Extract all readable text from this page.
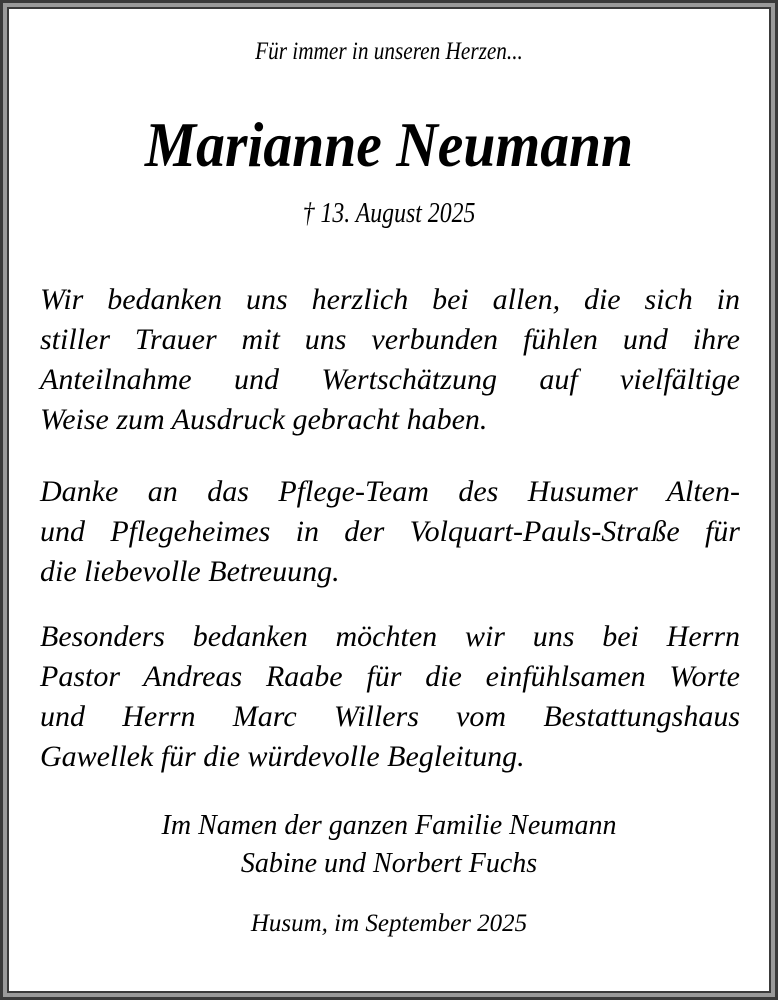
Für immer in unseren Herzen...
Marianne Neumann
† 13. August 2025
Wir bedanken uns herzlich bei allen, die sich in
stiller Trauer mit uns verbunden fühlen und ihre
Anteilnahme und Wertschätzung auf vielfältige
Weise zum Ausdruck gebracht haben.
Danke an das Pflege-Team des Husumer Alten-
und Pflegeheimes in der Volquart-Pauls-Straße für
die liebevolle Betreuung.
Besonders bedanken möchten wir uns bei Herrn
Pastor Andreas Raabe für die einfühlsamen Worte
und Herrn Marc Willers vom Bestattungshaus
Gawellek für die würdevolle Begleitung.
Im Namen der ganzen Familie Neumann
Sabine und Norbert Fuchs
Husum, im September 2025
